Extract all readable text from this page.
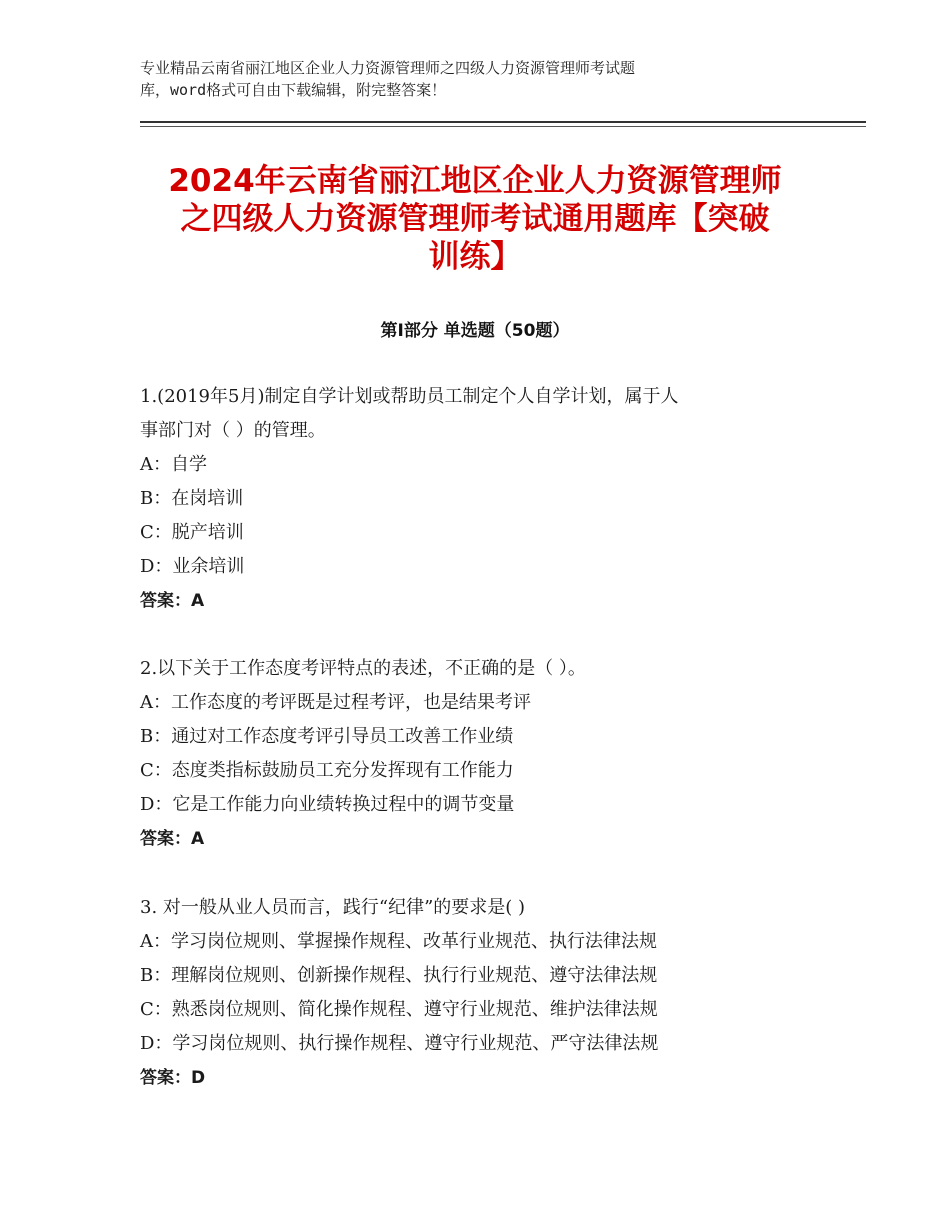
专业精品云南省丽江地区企业人力资源管理师之四级人力资源管理师考试题
库，word格式可自由下载编辑，附完整答案！
2024年云南省丽江地区企业人力资源管理师
之四级人力资源管理师考试通用题库【突破
训练】
第Ⅰ部分 单选题（50题）
1.(2019年5月)制定自学计划或帮助员工制定个人自学计划，属于人
事部门对（ ）的管理。
A：自学
B：在岗培训
C：脱产培训
D：业余培训
答案：A
2.以下关于工作态度考评特点的表述，不正确的是（ ）。
A：工作态度的考评既是过程考评，也是结果考评
B：通过对工作态度考评引导员工改善工作业绩
C：态度类指标鼓励员工充分发挥现有工作能力
D：它是工作能力向业绩转换过程中的调节变量
答案：A
3. 对一般从业人员而言，践行“纪律”的要求是( )
A：学习岗位规则、掌握操作规程、改革行业规范、执行法律法规
B：理解岗位规则、创新操作规程、执行行业规范、遵守法律法规
C：熟悉岗位规则、简化操作规程、遵守行业规范、维护法律法规
D：学习岗位规则、执行操作规程、遵守行业规范、严守法律法规
答案：D
